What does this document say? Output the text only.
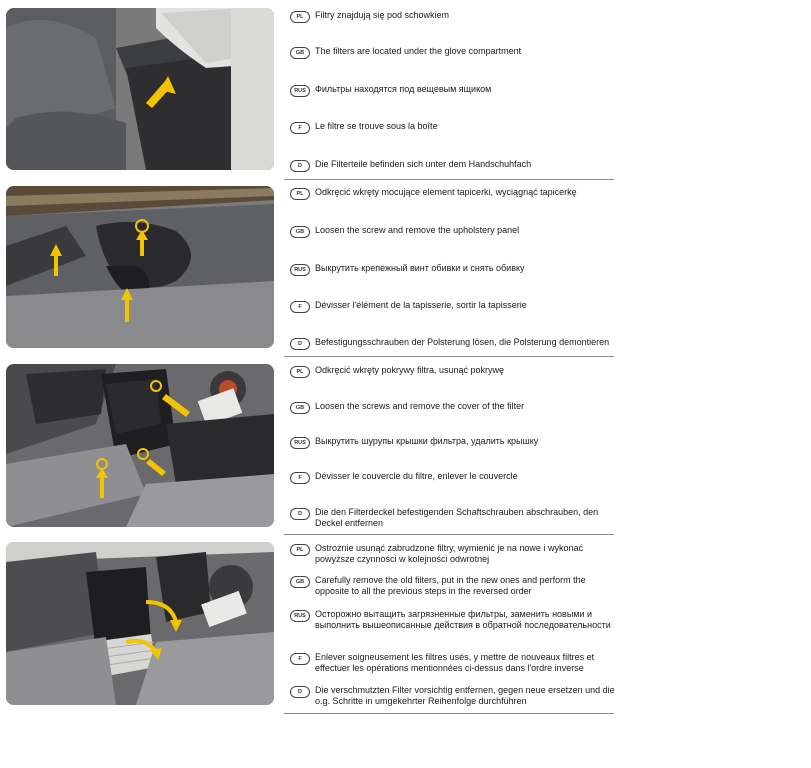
PL	Filtry znajdują się pod schowkiem
GB	The filters are located under the glove compartment
RUS	Фильтры находятся под вещевым ящиком
F	Le filtre se trouve sous la boîte
D	Die Filterteile befinden sich unter dem Handschuhfach
PL	Odkręcić wkręty mocujące element tapicerki, wyciągnąć tapicerkę
GB	Loosen the screw and remove the upholstery panel
RUS	Выкрутить крепежный винт обивки и снять обивку
F	Dévisser l'élément de la tapisserie, sortir la tapisserie
D	Befestigungsschrauben der Polsterung lösen, die Polsterung demontieren
PL	Odkręcić wkręty pokrywy filtra, usunąć pokrywę
GB	Loosen the screws and remove the cover of the filter
RUS	Выкрутить шурупы крышки фильтра, удалить крышку
F	Dévisser le couvercle du filtre, enlever le couvercle
D	Die den Filterdeckel befestigenden Schaftschrauben abschrauben, den Deckel entfernen
PL	Ostrożnie usunąć zabrudzone filtry, wymienić je na nowe i wykonać powyższe czynności w kolejności odwrotnej
GB	Carefully remove the old filters, put in the new ones and perform the opposite to all the previous steps in the reversed order
RUS	Осторожно вытащить загрязненные фильтры, заменить новыми и выполнить вышеописанные действия в обратной последовательности
F	Enlever soigneusement les filtres usés, y mettre de nouveaux filtres et effectuer les opérations mentionnées ci-dessus dans l'ordre inverse
D	Die verschmutzten Filter vorsichtig entfernen, gegen neue ersetzen und die o.g. Schritte in umgekehrter Reihenfolge durchführen
